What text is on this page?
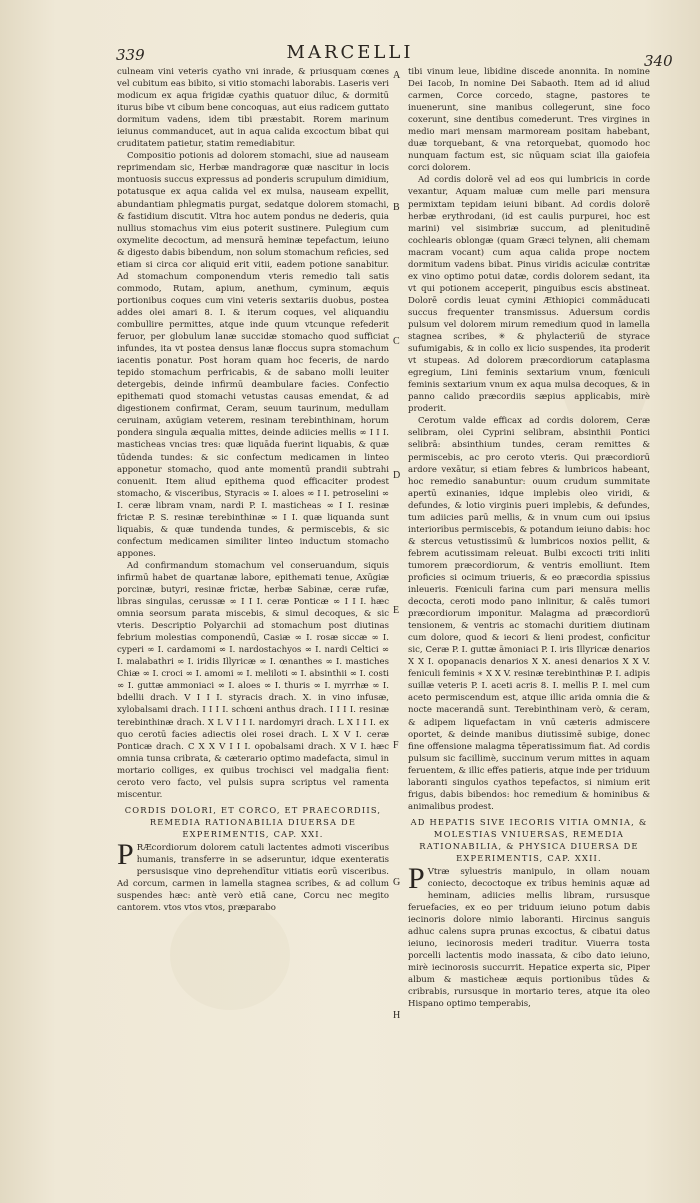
339	MARCELLI	340
A
B
C
D
E
F
G
H

culneam vini veteris cyatho vni inrade, & priusquam cœnes vel cubitum eas bibito, si vitio stomachi laborabis. Laseris veri modicum ex aqua frigidæ cyathis quatuor diluc, & dormitū iturus bibe vt cibum bene concoquas, aut eius radicem guttato dormitum vadens, idem tibi præstabit. Rorem marinum ieiunus commanducet, aut in aqua calida excoctum bibat qui cruditatem patietur, statim remediabitur.

Compositio potionis ad dolorem stomachi, siue ad nauseam reprimendam sic, Herbæ mandragoræ quæ nascitur in locis montuosis succus expressus ad ponderis scrupulum dimidium, potatusque ex aqua calida vel ex mulsa, nauseam expellit, abundantiam phlegmatis purgat, sedatque dolorem stomachi, & fastidium discutit. Vltra hoc autem pondus ne dederis, quia nullius stomachus vim eius poterit sustinere. Pulegium cum oxymelite decoctum, ad mensurā heminæ tepefactum, ieiuno & digesto dabis bibendum, non solum stomachum reficies, sed etiam si circa cor aliquid erit vitii, eadem potione sanabitur. Ad stomachum componendum vteris remedio tali satis commodo, Rutam, apium, anethum, cyminum, æquis portionibus coques cum vini veteris sextariis duobus, postea addes olei amari 8. I. & iterum coques, vel aliquandiu combullire permittes, atque inde quum vtcunque refederit feruor, per globulum lanæ succidæ stomacho quod sufficiat infundes, ita vt postea densus lanæ floccus supra stomachum iacentis ponatur. Post horam quam hoc feceris, de nardo tepido stomachum perfricabis, & de sabano molli leuiter detergebis, deinde infirmū deambulare facies. Confectio epithemati quod stomachi vetustas causas emendat, & ad digestionem confirmat, Ceram, seuum taurinum, medullam ceruinam, axūgiam veterem, resinam terebinthinam, horum pondera singula æqualia mittes, deinde adiicies mellis ∞ I I I. masticheas vncias tres: quæ liquāda fuerint liquabis, & quæ tūdenda tundes: & sic confectum medicamen in linteo apponetur stomacho, quod ante momentū prandii subtrahi conuenit. Item aliud epithema quod efficaciter prodest stomacho, & visceribus, Styracis ∞ I. aloes ∞ I I. petroselini ∞ I. ceræ libram vnam, nardi P. I. masticheas ∞ I I. resinæ frictæ P. S. resinæ terebinthinæ ∞ I I. quæ liquanda sunt liquabis, & quæ tundenda tundes, & permiscebis, & sic confectum medicamen similiter linteo inductum stomacho appones.

Ad confirmandum stomachum vel conseruandum, siquis infirmū habet de quartanæ labore, epithemati tenue, Axūgiæ porcinæ, butyri, resinæ frictæ, herbæ Sabinæ, ceræ rufæ, libras singulas, cerussæ ∞ I I I. ceræ Ponticæ ∞ I I I. hæc omnia seorsum parata miscebis, & simul decoques, & sic vteris. Descriptio Polyarchii ad stomachum post diutinas febrium molestias componendū, Casiæ ∞ I. rosæ siccæ ∞ I. cyperi ∞ I. cardamomi ∞ I. nardostachyos ∞ I. nardi Celtici ∞ I. malabathri ∞ I. iridis Illyricæ ∞ I. œnanthes ∞ I. mastiches Chiæ ∞ I. croci ∞ I. amomi ∞ I. meliloti ∞ I. absinthii ∞ I. costi ∞ I. guttæ ammoniaci ∞ I. aloes ∞ I. thuris ∞ I. myrrhæ ∞ I. bdellii drach. V I I I. styracis drach. X. in vino infusæ, xylobalsami drach. I I I I. schœni anthus drach. I I I I. resinæ terebinthinæ drach. X L V I I I. nardomyri drach. L X I I I. ex quo cerotū facies adiectis olei rosei drach. L X V I. ceræ Ponticæ drach. C X X V I I I. opobalsami drach. X V I. hæc omnia tunsa cribrata, & cæterario optimo madefacta, simul in mortario colliges, ex quibus trochisci vel madgalia fient: ceroto vero facto, vel pulsis supra scriptus vel ramenta miscentur.

CORDIS DOLORI, ET CORCO, ET PRAECORDIIS, REMEDIA RATIONABILIA DIUERSA DE EXPERIMENTIS, CAP. XXI.

P RÆcordiorum dolorem catuli lactentes admoti visceribus humanis, transferre in se adseruntur, idque exenteratis persusisque vino deprehendītur vitiatis eorū visceribus. Ad corcum, carmen in lamella stagnea scribes, & ad collum suspendes hæc: antè verò etiā cane, Corcu nec megito cantorem. vtos vtos vtos, præparabo

tibi vinum leue, libidine discede anonnita. In nomine Dei Iacob, In nomine Dei Sabaoth. Item ad id aliud carmen, Corce corcedo, stagne, pastores te inuenerunt, sine manibus collegerunt, sine foco coxerunt, sine dentibus comederunt. Tres virgines in medio mari mensam marmoream positam habebant, duæ torquebant, & vna retorquebat, quomodo hoc nunquam factum est, sic nūquam sciat illa gaiofeia corci dolorem.

Ad cordis dolorē vel ad eos qui lumbricis in corde vexantur, Aquam maluæ cum melle pari mensura permixtam tepidam ieiuni bibant. Ad cordis dolorē herbæ erythrodani, (id est caulis purpurei, hoc est marini) vel sisimbriæ succum, ad plenitudinē cochlearis oblongæ (quam Græci telynen, alii chemam macram vocant) cum aqua calida prope noctem dormitum vadens bibat. Pinus viridis aciculæ contritæ ex vino optimo potui datæ, cordis dolorem sedant, ita vt qui potionem acceperit, pinguibus escis abstineat. Dolorē cordis leuat cymini Æthiopici commāducati succus frequenter transmissus. Aduersum cordis pulsum vel dolorem mirum remedium quod in lamella stagnea scribes, ✳ & phylacteriū de styrace sufumigabis, & in collo ex licio suspendes, ita proderit vt stupeas. Ad dolorem præcordiorum cataplasma egregium, Lini feminis sextarium vnum, fœniculi feminis sextarium vnum ex aqua mulsa decoques, & in panno calido præcordiis sæpius applicabis, mirè proderit.

Cerotum valde efficax ad cordis dolorem, Ceræ selibram, olei Cyprini selibram, absinthii Pontici selibrā: absinthium tundes, ceram remittes & permiscebis, ac pro ceroto vteris. Qui præcordiorū ardore vexātur, si etiam febres & lumbricos habeant, hoc remedio sanabuntur: ouum crudum summitate apertū exinanies, idque implebis oleo viridi, & defundes, & lotio virginis pueri implebis, & defundes, tum adiicies parū mellis, & in vnum cum oui ipsius interioribus permiscebis, & potandum ieiuno dabis: hoc & stercus vetustissimū & lumbricos noxios pellit, & febrem acutissimam releuat. Bulbi excocti triti inliti tumorem præcordiorum, & ventris emolliunt. Item proficies si ocimum triueris, & eo præcordia spissius inleueris. Fœniculi farina cum pari mensura mellis decocta, ceroti modo pano inlinitur, & calēs tumori præcordiorum imponitur. Malagma ad præcordiorū tensionem, & ventris ac stomachi duritiem diutinam cum dolore, quod & iecori & lieni prodest, conficitur sic, Ceræ P. I. guttæ āmoniaci P. I. iris Illyricæ denarios X X I. opopanacis denarios X X. anesi denarios X X V. feniculi feminis ∗ X X V. resinæ terebinthinæ P. I. adipis suillæ veteris P. I. aceti acris 8. I. mellis P. I. mel cum aceto permiscendum est, atque illic arida omnia die & nocte macerandā sunt. Terebinthinam verò, & ceram, & adipem liquefactam in vnū cæteris admiscere oportet, & deinde manibus diutissimē subige, donec fine offensione malagma tēperatissimum fiat. Ad cordis pulsum sic facillimè, succinum verum mittes in aquam feruentem, & illic effes patieris, atque inde per triduum laboranti singulos cyathos tepefactos, si nimium erit frigus, dabis bibendos: hoc remedium & hominibus & animalibus prodest.

AD HEPATIS SIVE IECORIS VITIA OMNIA, & MOLESTIAS VNIUERSAS, REMEDIA RATIONABILIA, & PHYSICA DIUERSA DE EXPERIMENTIS, CAP. XXII.

P Vtræ syluestris manipulo, in ollam nouam coniecto, decoctoque ex tribus heminis aquæ ad heminam, adiicies mellis libram, rursusque feruefacies, ex eo per triduum ieiuno potum dabis iecinoris dolore nimio laboranti. Hircinus sanguis adhuc calens supra prunas excoctus, & cibatui datus ieiuno, iecinorosis mederi traditur. Viuerra tosta porcelli lactentis modo inassata, & cibo dato ieiuno, mirè iecinorosis succurrit. Hepatice experta sic, Piper album & masticheæ æquis portionibus tūdes & cribrabis, rursusque in mortario teres, atque ita oleo Hispano optimo temperabis,
